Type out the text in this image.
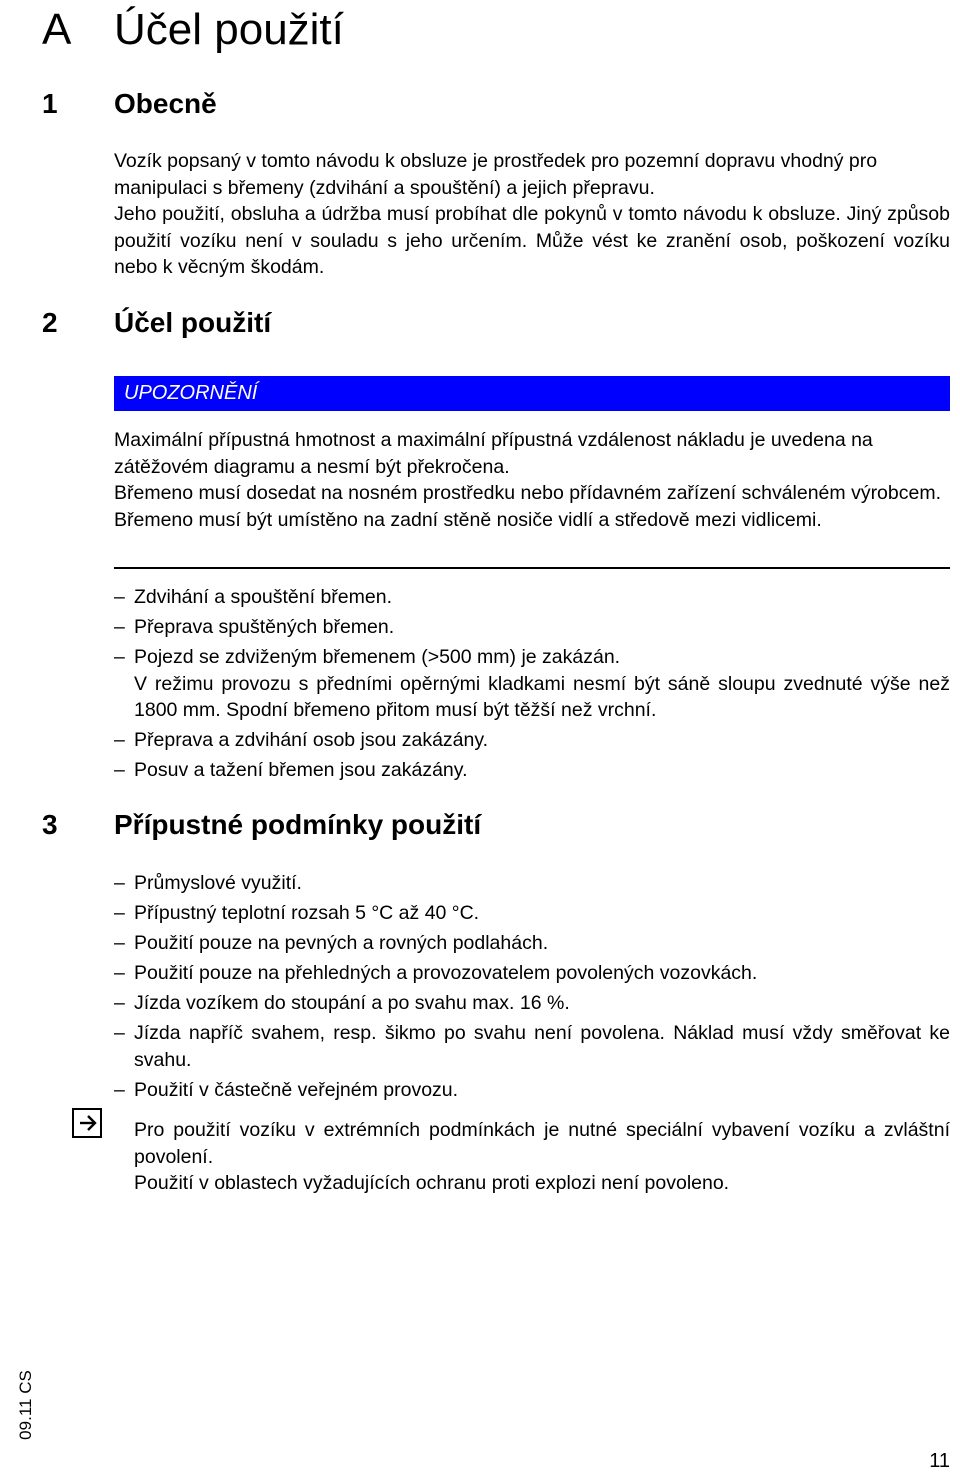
A Účel použití
1 Obecně

Vozík popsaný v tomto návodu k obsluze je prostředek pro pozemní dopravu vhodný pro manipulaci s břemeny (zdvihání a spouštění) a jejich přepravu.

Jeho použití, obsluha a údržba musí probíhat dle pokynů v tomto návodu k obsluze. Jiný způsob použití vozíku není v souladu s jeho určením. Může vést ke zranění osob, poškození vozíku nebo k věcným škodám.

2 Účel použití
UPOZORNĚNÍ

Maximální přípustná hmotnost a maximální přípustná vzdálenost nákladu je uvedena na zátěžovém diagramu a nesmí být překročena.

Břemeno musí dosedat na nosném prostředku nebo přídavném zařízení schváleném výrobcem.

Břemeno musí být umístěno na zadní stěně nosiče vidlí a středově mezi vidlicemi.

– Zdvihání a spouštění břemen.
– Přeprava spuštěných břemen.
– Pojezd se zdviženým břemenem (>500 mm) je zakázán.
V režimu provozu s předními opěrnými kladkami nesmí být sáně sloupu zvednuté výše než 1800 mm. Spodní břemeno přitom musí být těžší než vrchní.
– Přeprava a zdvihání osob jsou zakázány.
– Posuv a tažení břemen jsou zakázány.
3 Přípustné podmínky použití
– Průmyslové využití.
– Přípustný teplotní rozsah 5 °C až 40 °C.
– Použití pouze na pevných a rovných podlahách.
– Použití pouze na přehledných a provozovatelem povolených vozovkách.
– Jízda vozíkem do stoupání a po svahu max. 16 %.
– Jízda napříč svahem, resp. šikmo po svahu není povolena. Náklad musí vždy směřovat ke svahu.
– Použití v částečně veřejném provozu.

Pro použití vozíku v extrémních podmínkách je nutné speciální vybavení vozíku a zvláštní povolení.

Použití v oblastech vyžadujících ochranu proti explozi není povoleno.

09.11 CS
11
